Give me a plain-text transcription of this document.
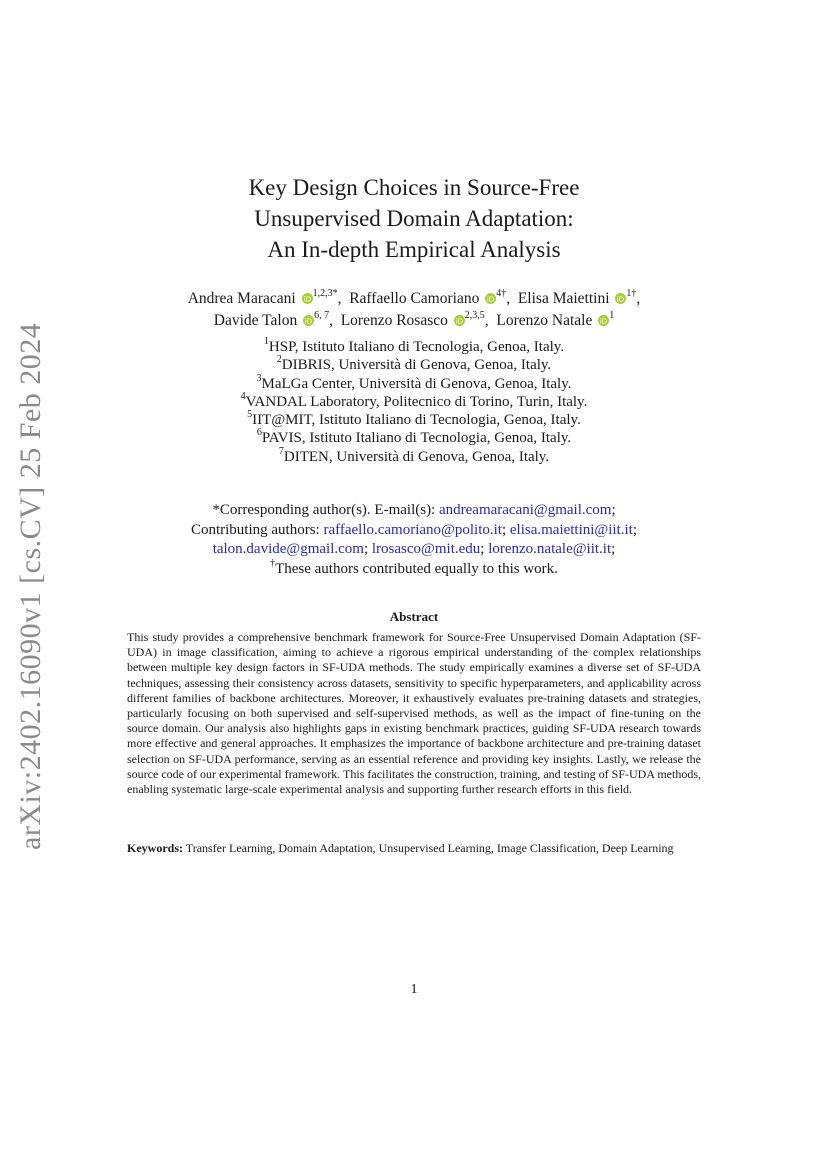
arXiv:2402.16090v1 [cs.CV] 25 Feb 2024
Key Design Choices in Source-Free
Unsupervised Domain Adaptation:
An In-depth Empirical Analysis
Andrea Maracani iD
$^{1,2,3*}$, Raffaello Camoriano iD
$^{4\dagger}$, Elisa Maiettini iD
$^{1\dagger}$,
Davide Talon iD
$^{6, 7}$, Lorenzo Rosasco iD
$^{2,3,5}$, Lorenzo Natale iD
$^1$
$^1$HSP, Istituto Italiano di Tecnologia, Genoa, Italy.
$^2$DIBRIS, Università di Genova, Genoa, Italy.
$^3$MaLGa Center, Università di Genova, Genoa, Italy.
$^4$VANDAL Laboratory, Politecnico di Torino, Turin, Italy.
$^5$IIT@MIT, Istituto Italiano di Tecnologia, Genoa, Italy.
$^6$PAVIS, Istituto Italiano di Tecnologia, Genoa, Italy.
$^7$DITEN, Università di Genova, Genoa, Italy.
*Corresponding author(s). E-mail(s): andreamaracani@gmail.com;
Contributing authors: raffaello.camoriano@polito.it; elisa.maiettini@iit.it;
talon.davide@gmail.com; lrosasco@mit.edu; lorenzo.natale@iit.it;
†These authors contributed equally to this work.
Abstract
This study provides a comprehensive benchmark framework for Source-Free Unsupervised Domain Adaptation (SF-UDA) in image classification, aiming to achieve a rigorous empirical understanding of the complex relationships between multiple key design factors in SF-UDA methods. The study empirically examines a diverse set of SF-UDA techniques, assessing their consistency across datasets, sensitivity to specific hyperparameters, and applicability across different families of backbone architectures. Moreover, it exhaustively evaluates pre-training datasets and strategies, particularly focusing on both supervised and self-supervised methods, as well as the impact of fine-tuning on the source domain. Our analysis also highlights gaps in existing benchmark practices, guiding SF-UDA research towards more effective and general approaches. It emphasizes the importance of backbone architecture and pre-training dataset selection on SF-UDA performance, serving as an essential reference and providing key insights. Lastly, we release the source code of our experimental framework. This facilitates the construction, training, and testing of SF-UDA methods, enabling systematic large-scale experimental analysis and supporting further research efforts in this field.
Keywords: Transfer Learning, Domain Adaptation, Unsupervised Learning, Image Classification, Deep Learning
1
